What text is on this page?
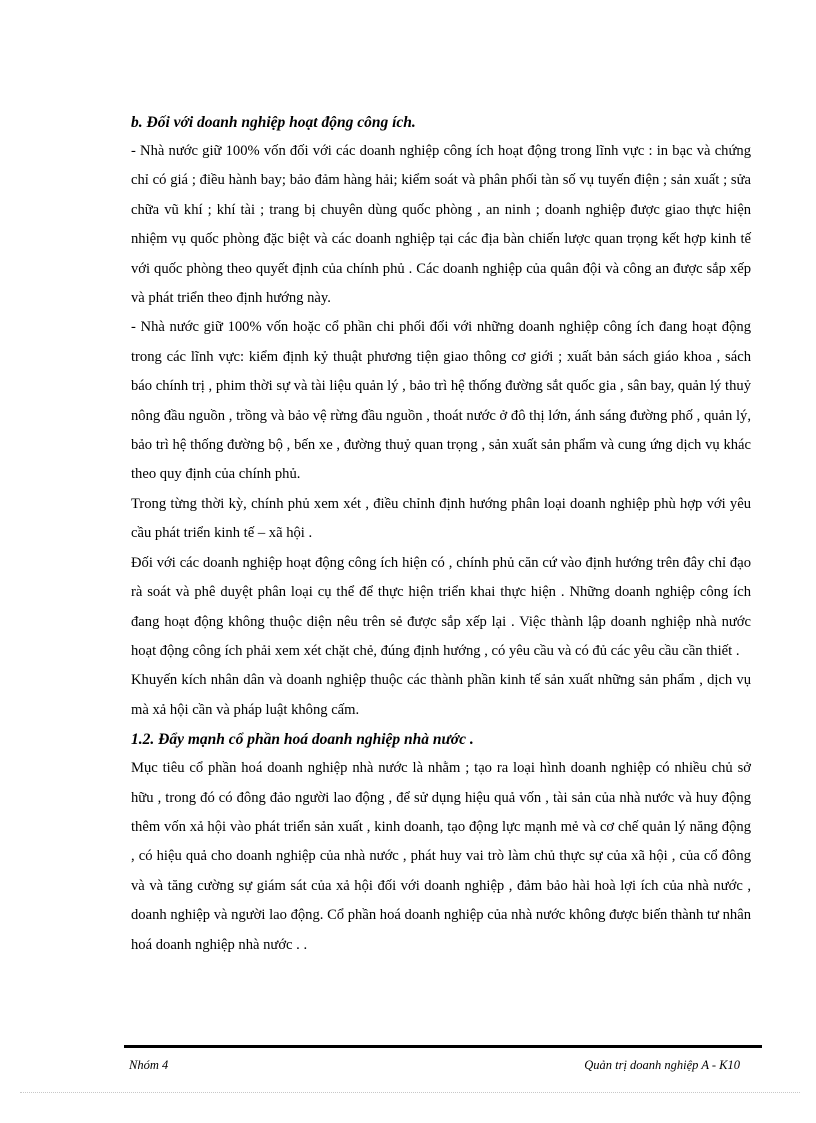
b. Đối với doanh nghiệp hoạt động công ích.

- Nhà nước giữ 100% vốn đối với các doanh nghiệp công ích hoạt động trong lĩnh vực : in bạc và chứng chỉ có giá ; điều hành bay; bảo đảm hàng hải; kiểm soát và phân phối tàn số vụ tuyến điện ; sản xuất ; sửa chữa vũ khí ; khí tài ; trang bị chuyên dùng quốc phòng , an ninh ; doanh nghiệp được giao thực hiện nhiệm vụ quốc phòng đặc biệt và các doanh nghiệp tại các địa bàn chiến lược quan trọng kết hợp kinh tế với quốc phòng theo quyết định của chính phủ . Các doanh nghiệp của quân đội và công an được sắp xếp và phát triển theo định hướng này.

- Nhà nước giữ 100% vốn hoặc cổ phần chi phối đối với những doanh nghiệp công ích đang hoạt động trong các lĩnh vực: kiểm định kỷ thuật phương tiện giao thông cơ giới ; xuất bản sách giáo khoa , sách báo chính trị , phim thời sự và tài liệu quản lý , bảo trì hệ thống đường sắt quốc gia , sân bay, quản lý thuỷ nông đầu nguồn , trồng và bảo vệ rừng đầu nguồn , thoát nước ở đô thị lớn, ánh sáng đường phố , quản lý, bảo trì hệ thống đường bộ , bến xe , đường thuỷ quan trọng , sản xuất sản phẩm và cung ứng dịch vụ khác theo quy định của chính phủ.

Trong từng thời kỳ, chính phủ xem xét , điều chỉnh định hướng phân loại doanh nghiệp phù hợp với yêu cầu phát triển kinh tế – xã hội .

Đối với các doanh nghiệp hoạt động công ích hiện có , chính phủ căn cứ vào định hướng trên đây chỉ đạo rà soát và phê duyệt phân loại cụ thể để thực hiện triển khai thực hiện . Những doanh nghiệp công ích đang hoạt động không thuộc diện nêu trên sẻ được sắp xếp lại . Việc thành lập doanh nghiệp nhà nước hoạt động công ích phải xem xét chặt chẻ, đúng định hướng , có yêu cầu và có đủ các yêu cầu cần thiết .

Khuyến kích nhân dân và doanh nghiệp thuộc các thành phần kinh tế sản xuất những sản phẩm , dịch vụ mà xả hội cần và pháp luật không cấm.

1.2. Đẩy mạnh cổ phần hoá doanh nghiệp nhà nước .

Mục tiêu cổ phần hoá doanh nghiệp nhà nước là nhằm ; tạo ra loại hình doanh nghiệp có nhiều chủ sở hữu , trong đó có đông đảo người lao động , để sử dụng hiệu quả vốn , tài sản của nhà nước và huy động thêm vốn xả hội vào phát triển sản xuất , kinh doanh, tạo động lực mạnh mẻ và cơ chế quản lý năng động , có hiệu quả cho doanh nghiệp của nhà nước , phát huy vai trò làm chủ thực sự của xã hội , của cổ đông và và tăng cường sự giám sát của xả hội đối với doanh nghiệp , đảm bảo hài hoà lợi ích của nhà nước , doanh nghiệp và người lao động. Cổ phần hoá doanh nghiệp của nhà nước không được biến thành tư nhân hoá doanh nghiệp nhà nước . .

Nhóm 4	Quản trị doanh nghiệp A - K10
